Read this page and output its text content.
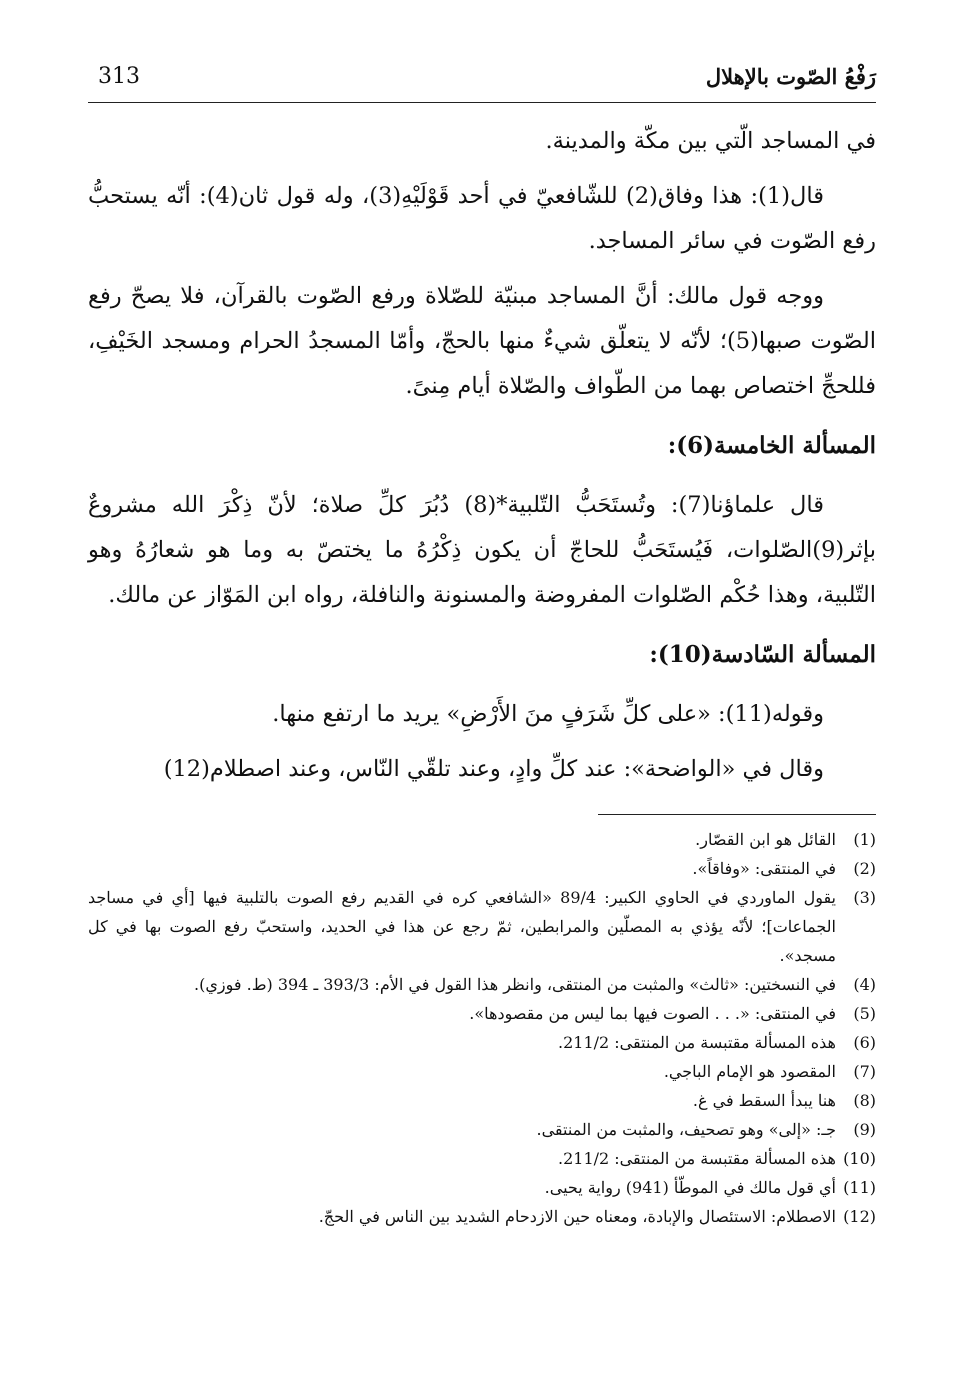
رَفْعُ الصّوت بالإهلال
313

في المساجد الّتي بين مكّة والمدينة.

قال(1): هذا وفاق(2) للشّافعيّ في أحد قَوْلَيْهِ(3)، وله قول ثان(4): أنّه يستحبُّ رفع الصّوت في سائر المساجد.

ووجه قول مالك: أنَّ المساجد مبنيّة للصّلاة ورفع الصّوت بالقرآن، فلا يصحّ رفع الصّوت صبها(5)؛ لأنّه لا يتعلّق شيءٌ منها بالحجّ، وأمّا المسجدُ الحرام ومسجد الخَيْفِ، فللحجِّ اختصاص بهما من الطّواف والصّلاة أيام مِنىً.

المسألة الخامسة(6):

قال علماؤنا(7): وتُستَحَبُّ التّلبية*(8) دُبُرَ كلِّ صلاة؛ لأنّ ذِكْرَ الله مشروعٌ بإثر(9)الصّلوات، فَيُستَحَبُّ للحاجّ أن يكون ذِكْرُهُ ما يختصّ به وما هو شعارُهُ وهو التّلبية، وهذا حُكْم الصّلوات المفروضة والمسنونة والنافلة، رواه ابن المَوّاز عن مالك.

المسألة السّادسة(10):

وقوله(11): «على كلِّ شَرَفٍ منَ الأَرْضِ» يريد ما ارتفع منها.

وقال في «الواضحة»: عند كلِّ وادٍ، وعند تلقّي النّاس، وعند اصطلام(12)

(1)
القائل هو ابن القصّار.
(2)
في المنتقى: «وفاقاً».
(3)
يقول الماوردي في الحاوي الكبير: 89/4 «الشافعي كره في القديم رفع الصوت بالتلبية فيها [أي في مساجد الجماعات]؛ لأنّه يؤذي به المصلّين والمرابطين، ثمّ رجع عن هذا في الحديد، واستحبّ رفع الصوت بها في كل مسجد».
(4)
في النسختين: «ثالث» والمثبت من المنتقى، وانظر هذا القول في الأم: 393/3 ـ 394 (ط. فوزي).
(5)
في المنتقى: «. . . الصوت فيها بما ليس من مقصودها».
(6)
هذه المسألة مقتبسة من المنتقى: 211/2.
(7)
المقصود هو الإمام الباجي.
(8)
هنا يبدأ السقط في غ.
(9)
جـ: «إلى» وهو تصحيف، والمثبت من المنتقى.
(10)
هذه المسألة مقتبسة من المنتقى: 211/2.
(11)
أي قول مالك في الموطّأ (941) رواية يحيى.
(12)
الاصطلام: الاستئصال والإبادة، ومعناه حين الازدحام الشديد بين الناس في الحجّ.
